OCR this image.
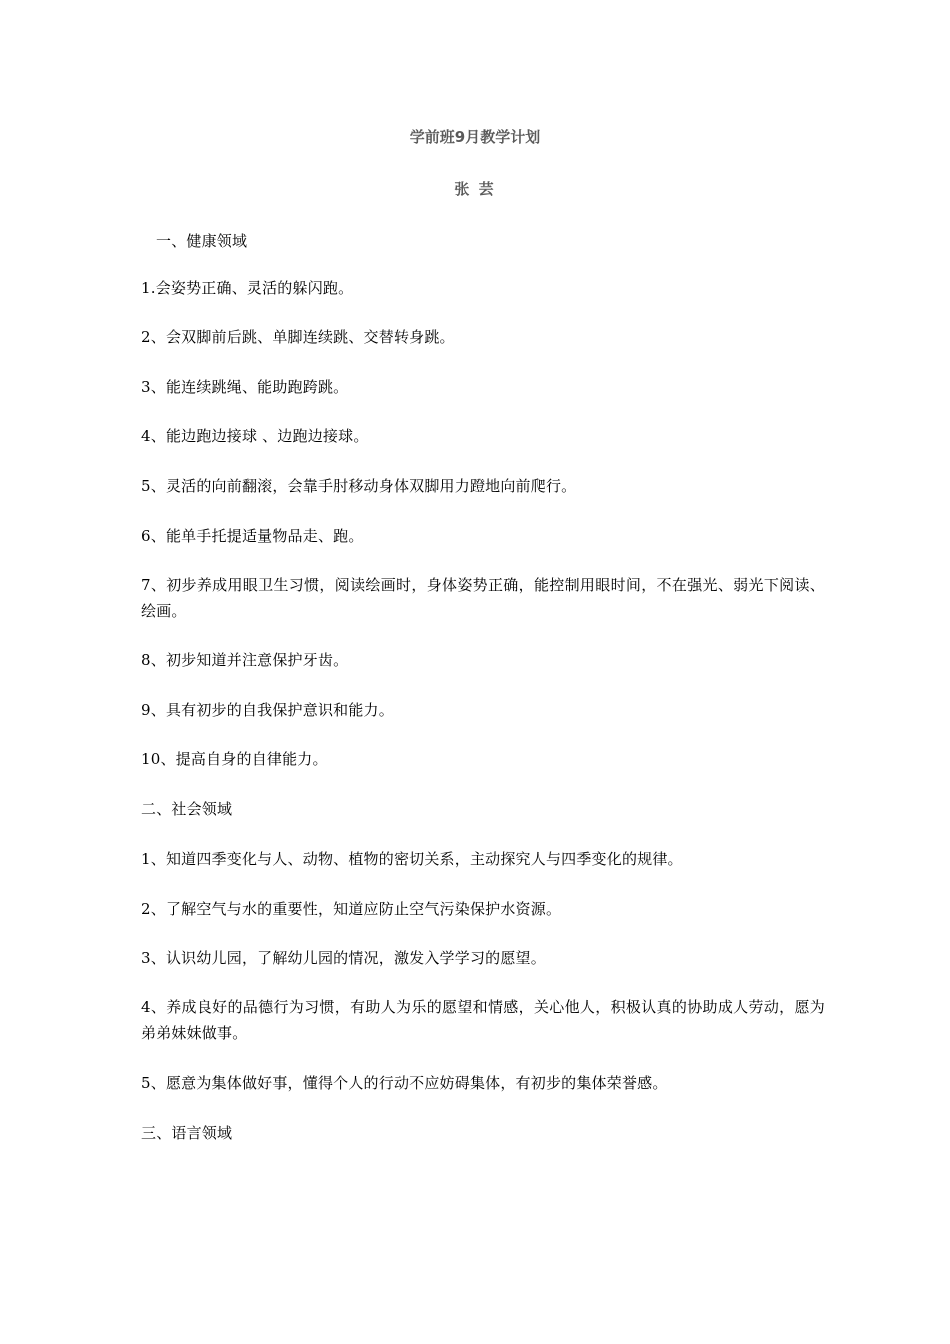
学前班9月教学计划
张 芸
一、健康领域
1.会姿势正确、灵活的躲闪跑。
2、会双脚前后跳、单脚连续跳、交替转身跳。
3、能连续跳绳、能助跑跨跳。
4、能边跑边接球 、边跑边接球。
5、灵活的向前翻滚，会靠手肘移动身体双脚用力蹬地向前爬行。
6、能单手托提适量物品走、跑。
7、初步养成用眼卫生习惯，阅读绘画时，身体姿势正确，能控制用眼时间，不在强光、弱光下阅读、绘画。
8、初步知道并注意保护牙齿。
9、具有初步的自我保护意识和能力。
10、提高自身的自律能力。
二、社会领域
1、知道四季变化与人、动物、植物的密切关系，主动探究人与四季变化的规律。
2、了解空气与水的重要性，知道应防止空气污染保护水资源。
3、认识幼儿园，了解幼儿园的情况，激发入学学习的愿望。
4、养成良好的品德行为习惯，有助人为乐的愿望和情感，关心他人，积极认真的协助成人劳动，愿为弟弟妹妹做事。
5、愿意为集体做好事，懂得个人的行动不应妨碍集体，有初步的集体荣誉感。
三、语言领域
